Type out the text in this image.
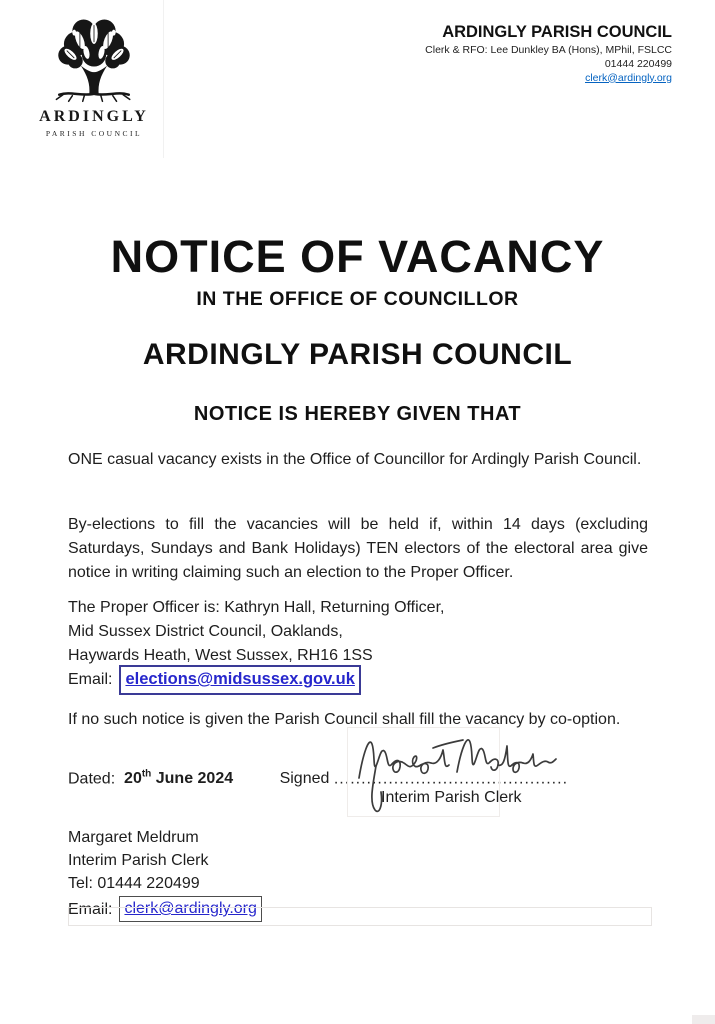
ARDINGLY
PARISH COUNCIL
ARDINGLY PARISH COUNCIL
Clerk & RFO: Lee Dunkley BA (Hons), MPhil, FSLCC
01444 220499
clerk@ardingly.org
NOTICE OF VACANCY
IN THE OFFICE OF COUNCILLOR
ARDINGLY PARISH COUNCIL
NOTICE IS HEREBY GIVEN THAT
ONE casual vacancy exists in the Office of Councillor for Ardingly Parish Council.
By-elections to fill the vacancies will be held if, within 14 days (excluding Saturdays, Sundays and Bank Holidays) TEN electors of the electoral area give notice in writing claiming such an election to the Proper Officer.
The Proper Officer is: Kathryn Hall, Returning Officer,
Mid Sussex District Council, Oaklands,
Haywards Heath, West Sussex, RH16 1SS
Email: elections@midsussex.gov.uk
If no such notice is given the Parish Council shall fill the vacancy by co-option.
Dated: 20th June 2024	Signed ...........................................
Interim Parish Clerk
Margaret Meldrum
Interim Parish Clerk
Tel: 01444 220499
Email: clerk@ardingly.org
